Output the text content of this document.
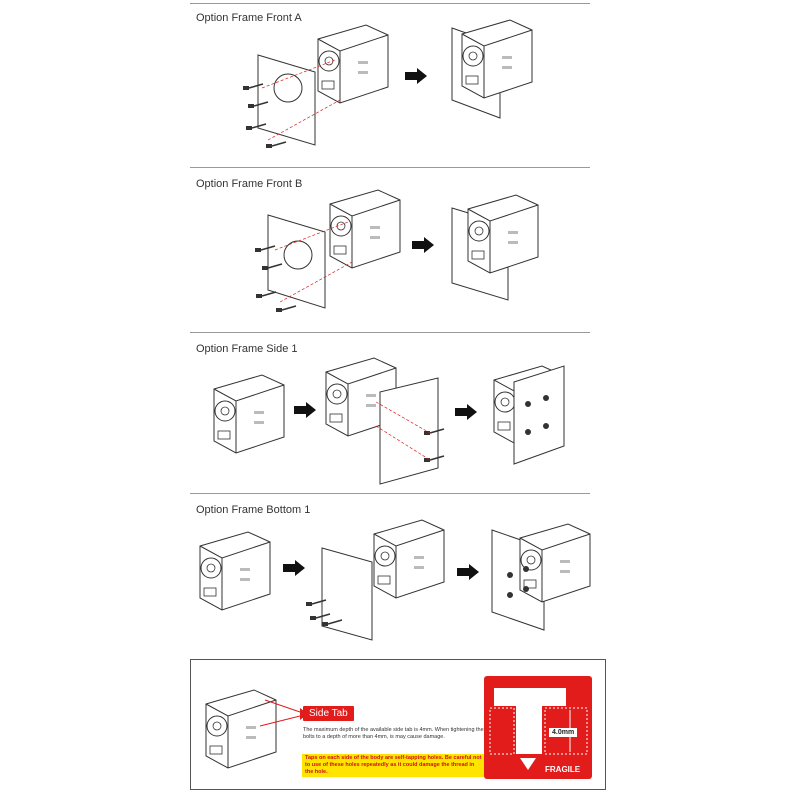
Option Frame Front A
Option Frame Front B
Option Frame Side 1
Option Frame Bottom 1
Side Tab
The maximum depth of the available side tab is 4mm. When tightening the bolts to a depth of more than 4mm, is may cause damage.
Taps on each side of the body are self-tapping holes. Be careful not to use of these holes repeatedly as it could damage the thread in the hole.
4.0mm
FRAGILE
